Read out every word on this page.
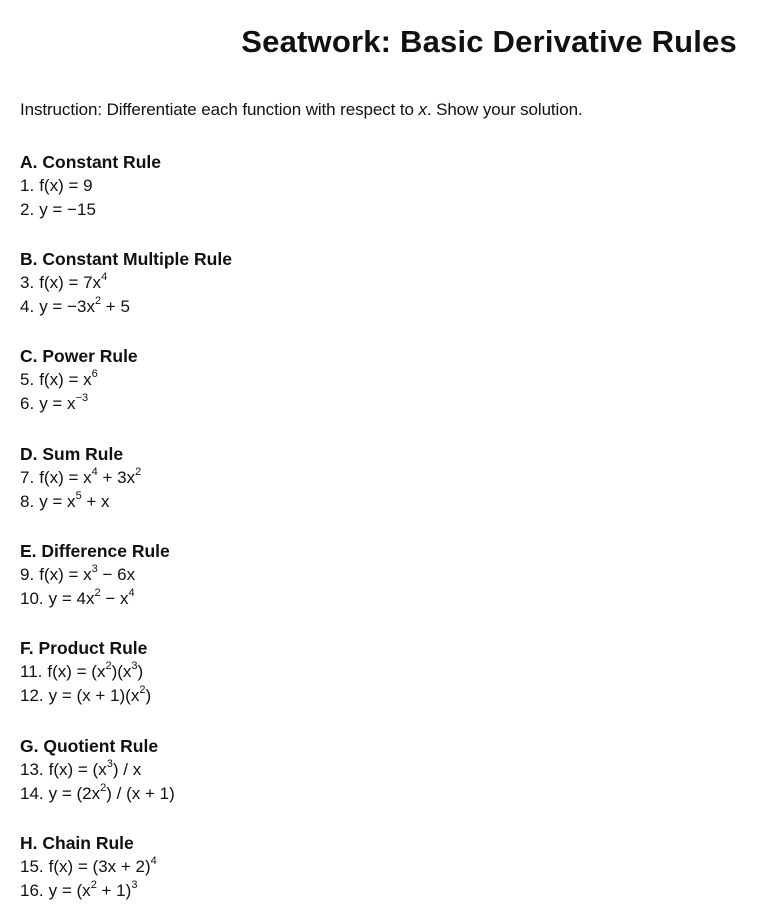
Seatwork: Basic Derivative Rules
Instruction: Differentiate each function with respect to x. Show your solution.
A. Constant Rule
1. f(x) = 9
2. y = −15
B. Constant Multiple Rule
3. $f(x) = 7x^4$
4. $y = -3x^2 + 5$
C. Power Rule
5. $f(x) = x^6$
6. $y = x^{-3}$
D. Sum Rule
7. $f(x) = x^4 + 3x^2$
8. $y = x^5 + x$
E. Difference Rule
9. $f(x) = x^3 - 6x$
10. $y = 4x^2 - x^4$
F. Product Rule
11. $f(x) = (x^2)(x^3)$
12. $y = (x + 1)(x^2)$
G. Quotient Rule
13. $f(x) = (x^3) / x$
14. $y = (2x^2) / (x + 1)$
H. Chain Rule
15. $f(x) = (3x + 2)^4$
16. $y = (x^2 + 1)^3$
